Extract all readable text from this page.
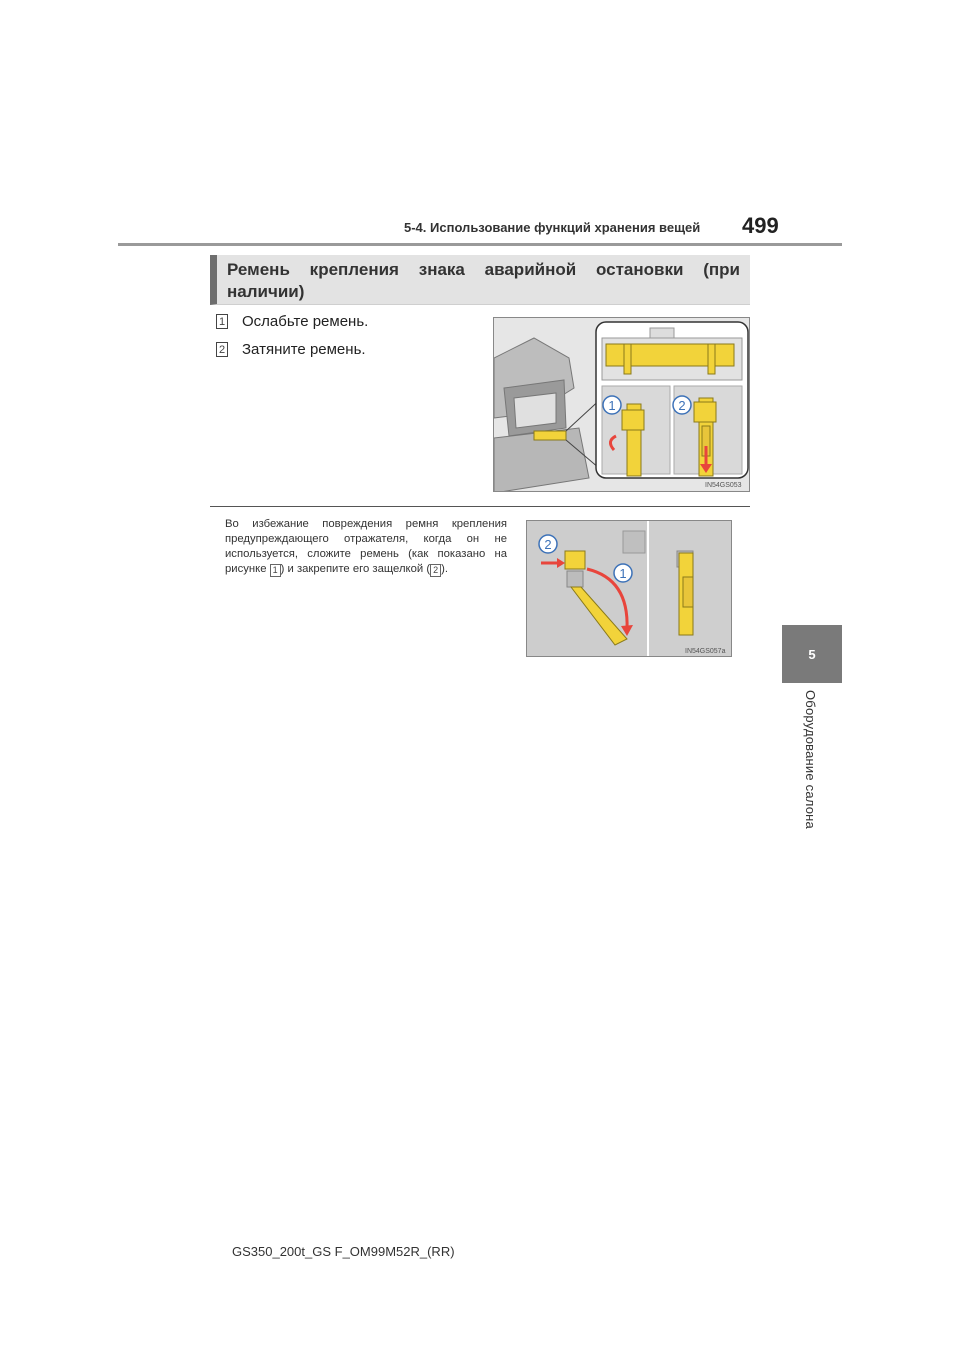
5-4. Использование функций хранения вещей 499
5
Оборудование салона
Ремень крепления знака аварийной остановки (при наличии)
1 Ослабьте ремень.
2 Затяните ремень.
1	2
IN54GS053
Во избежание повреждения ремня крепления предупреждающего отражателя, когда он не используется, сложите ремень (как показано на рисунке 1 ) и закрепите его защелкой ( 2 ).
2
1
IN54GS057a
GS350_200t_GS F_OM99M52R_(RR)
